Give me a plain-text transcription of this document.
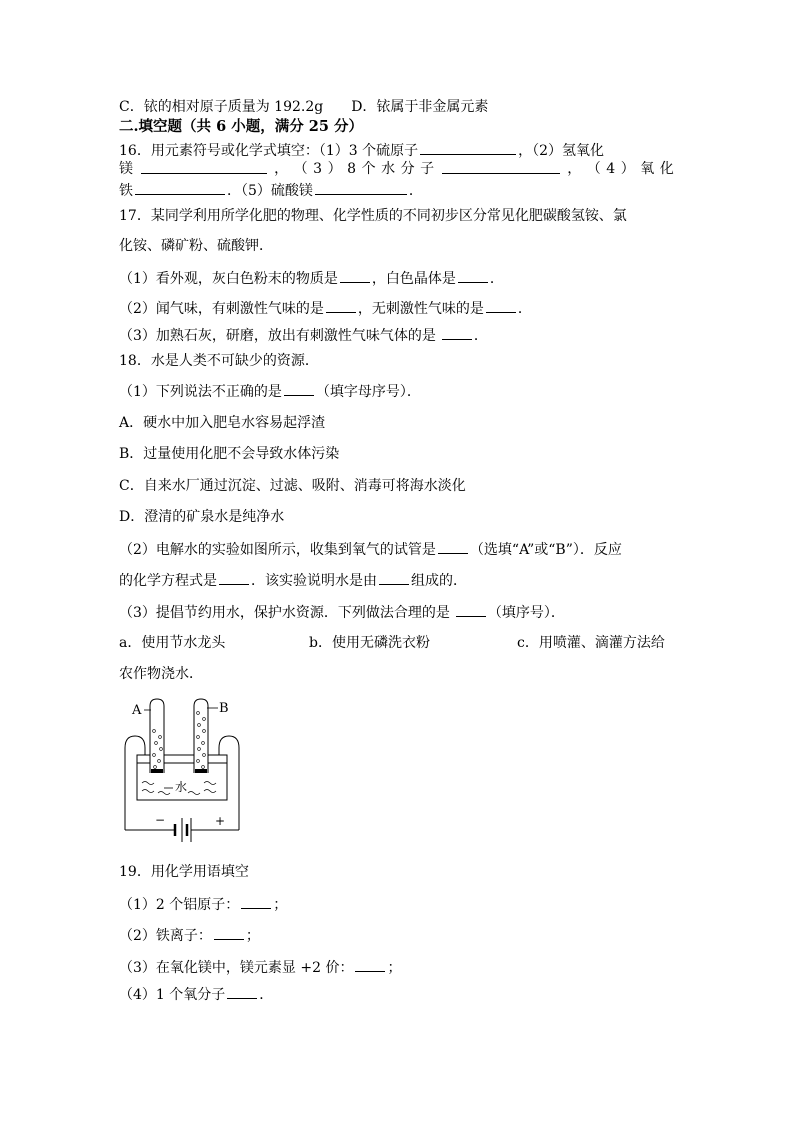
C．铱的相对原子质量为 192.2g D．铱属于非金属元素
二.填空题（共 6 小题，满分 25 分）
16．用元素符号或化学式填空：（1）3 个硫原子	，（2）氢氧化
镁	， （ 3 ） 8 个 水 分 子	， （ 4 ） 氧 化
铁	．（5）硫酸镁	．
17．某同学利用所学化肥的物理、化学性质的不同初步区分常见化肥碳酸氢铵、氯
化铵、磷矿粉、硫酸钾．
（1）看外观，灰白色粉末的物质是 ，白色晶体是 ．
（2）闻气味，有刺激性气味的是 ，无刺激性气味的是 ．
（3）加熟石灰，研磨，放出有刺激性气味气体的是	．
18．水是人类不可缺少的资源．
（1）下列说法不正确的是 （填字母序号）．
A．硬水中加入肥皂水容易起浮渣
B．过量使用化肥不会导致水体污染
C．自来水厂通过沉淀、过滤、吸附、消毒可将海水淡化
D．澄清的矿泉水是纯净水
（2）电解水的实验如图所示，收集到氧气的试管是 （选填“A”或“B”）．反应
的化学方程式是 ．该实验说明水是由 组成的．
（3）提倡节约用水，保护水资源．下列做法合理的是	（填序号）．
a．使用节水龙头	b．使用无磷洗衣粉	c．用喷灌、滴灌方法给
农作物浇水．
水
A	B
−	+
19．用化学用语填空
（1）2 个铝原子： ；
（2）铁离子： ；
（3）在氧化镁中，镁元素显 +2 价： ；
（4）1 个氧分子 ．
